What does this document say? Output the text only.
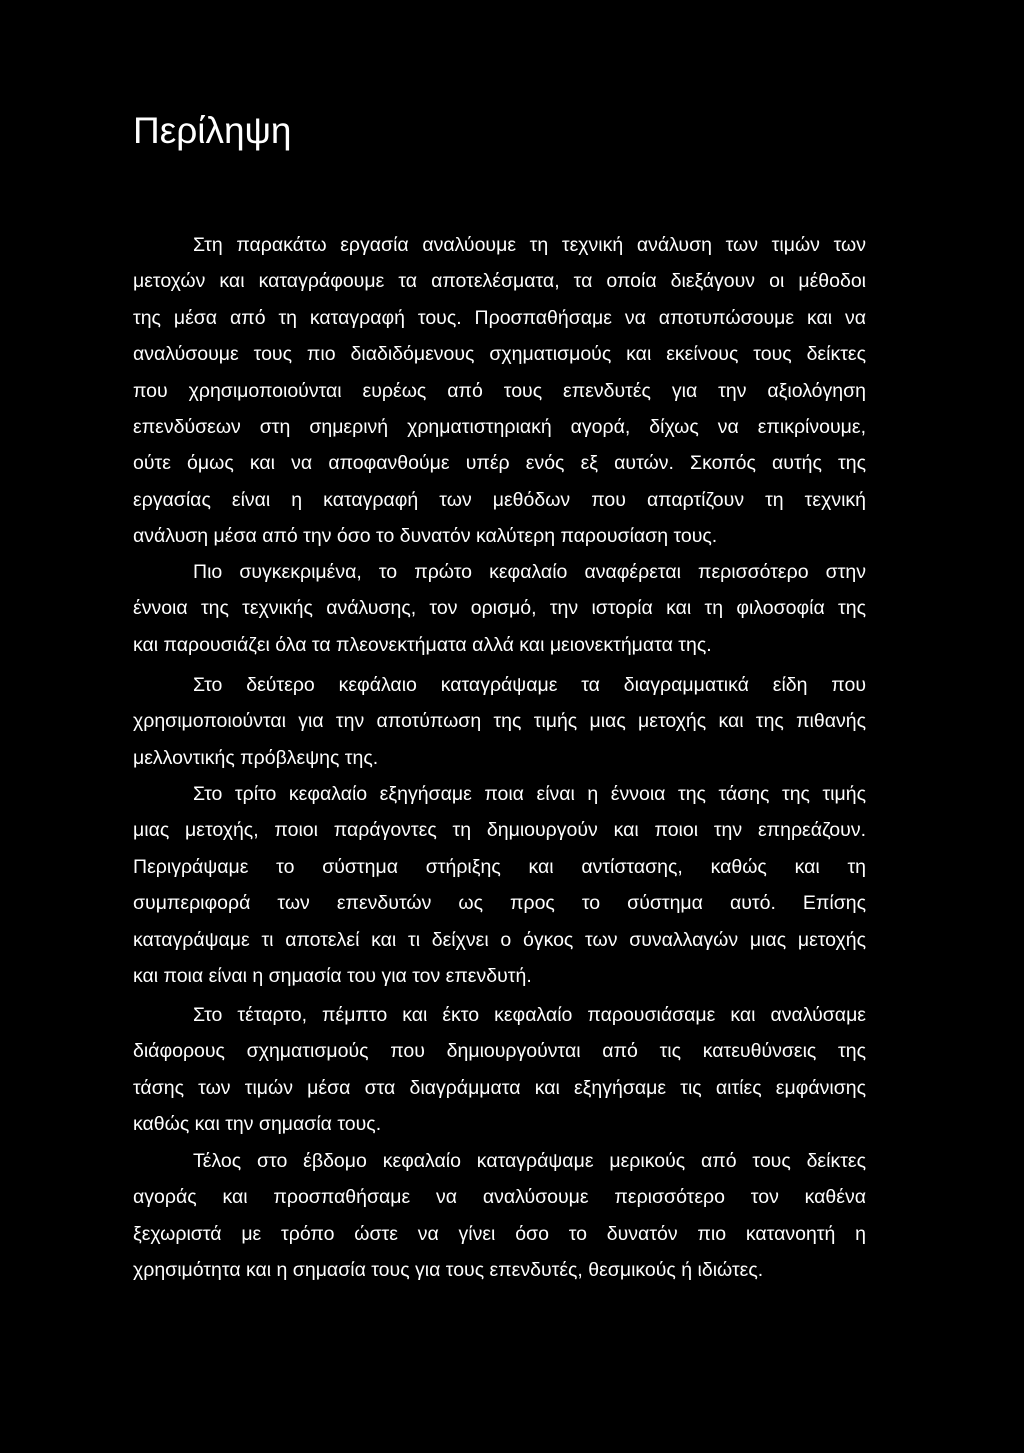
Περίληψη
Στη παρακάτω εργασία αναλύουμε τη τεχνική ανάλυση των τιμών των
μετοχών και καταγράφουμε τα αποτελέσματα, τα οποία διεξάγουν οι μέθοδοι
της μέσα από τη καταγραφή τους. Προσπαθήσαμε να αποτυπώσουμε και να
αναλύσουμε τους πιο διαδιδόμενους σχηματισμούς και εκείνους τους δείκτες
που χρησιμοποιούνται ευρέως από τους επενδυτές για την αξιολόγηση
επενδύσεων στη σημερινή χρηματιστηριακή αγορά, δίχως να επικρίνουμε,
ούτε όμως και να αποφανθούμε υπέρ ενός εξ αυτών. Σκοπός αυτής της
εργασίας είναι η καταγραφή των μεθόδων που απαρτίζουν τη τεχνική
ανάλυση μέσα από την όσο το δυνατόν καλύτερη παρουσίαση τους.
Πιο συγκεκριμένα, το πρώτο κεφαλαίο αναφέρεται περισσότερο στην
έννοια της τεχνικής ανάλυσης, τον ορισμό, την ιστορία και τη φιλοσοφία της
και παρουσιάζει όλα τα πλεονεκτήματα αλλά και μειονεκτήματα της.
Στο δεύτερο κεφάλαιο καταγράψαμε τα διαγραμματικά είδη που
χρησιμοποιούνται για την αποτύπωση της τιμής μιας μετοχής και της πιθανής
μελλοντικής πρόβλεψης της.
Στο τρίτο κεφαλαίο εξηγήσαμε ποια είναι η έννοια της τάσης της τιμής
μιας μετοχής, ποιοι παράγοντες τη δημιουργούν και ποιοι την επηρεάζουν.
Περιγράψαμε το σύστημα στήριξης και αντίστασης, καθώς και τη
συμπεριφορά των επενδυτών ως προς το σύστημα αυτό. Επίσης
καταγράψαμε τι αποτελεί και τι δείχνει ο όγκος των συναλλαγών μιας μετοχής
και ποια είναι η σημασία του για τον επενδυτή.
Στο τέταρτο, πέμπτο και έκτο κεφαλαίο παρουσιάσαμε και αναλύσαμε
διάφορους σχηματισμούς που δημιουργούνται από τις κατευθύνσεις της
τάσης των τιμών μέσα στα διαγράμματα και εξηγήσαμε τις αιτίες εμφάνισης
καθώς και την σημασία τους.
Τέλος στο έβδομο κεφαλαίο καταγράψαμε μερικούς από τους δείκτες
αγοράς και προσπαθήσαμε να αναλύσουμε περισσότερο τον καθένα
ξεχωριστά με τρόπο ώστε να γίνει όσο το δυνατόν πιο κατανοητή η
χρησιμότητα και η σημασία τους για τους επενδυτές, θεσμικούς ή ιδιώτες.
